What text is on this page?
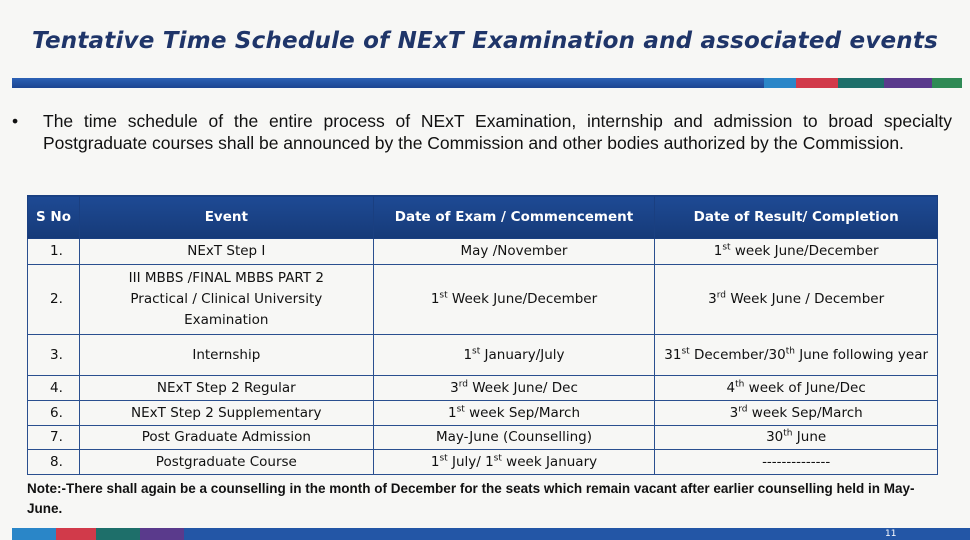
Tentative Time Schedule of NExT Examination and associated events
•	The time schedule of the entire process of NExT Examination, internship and admission to broad specialty Postgraduate courses shall be announced by the Commission and other bodies authorized by the Commission.
S No	Event	Date of Exam / Commencement	Date of Result/ Completion
1.	NExT Step I	May /November	1st week June/December
2.	III MBBS /FINAL MBBS PART 2 Practical / Clinical University Examination	1st Week June/December	3rd Week June / December
3.	Internship	1st January/July	31st December/30th June following year
4.	NExT Step 2 Regular	3rd Week June/ Dec	4th week of June/Dec
6.	NExT Step 2 Supplementary	1st week Sep/March	3rd week Sep/March
7.	Post Graduate Admission	May-June (Counselling)	30th June
8.	Postgraduate Course	1st July/ 1st week January	--------------
Note:-There shall again be a counselling in the month of December for the seats which remain vacant after earlier counselling held in May-June.
11
